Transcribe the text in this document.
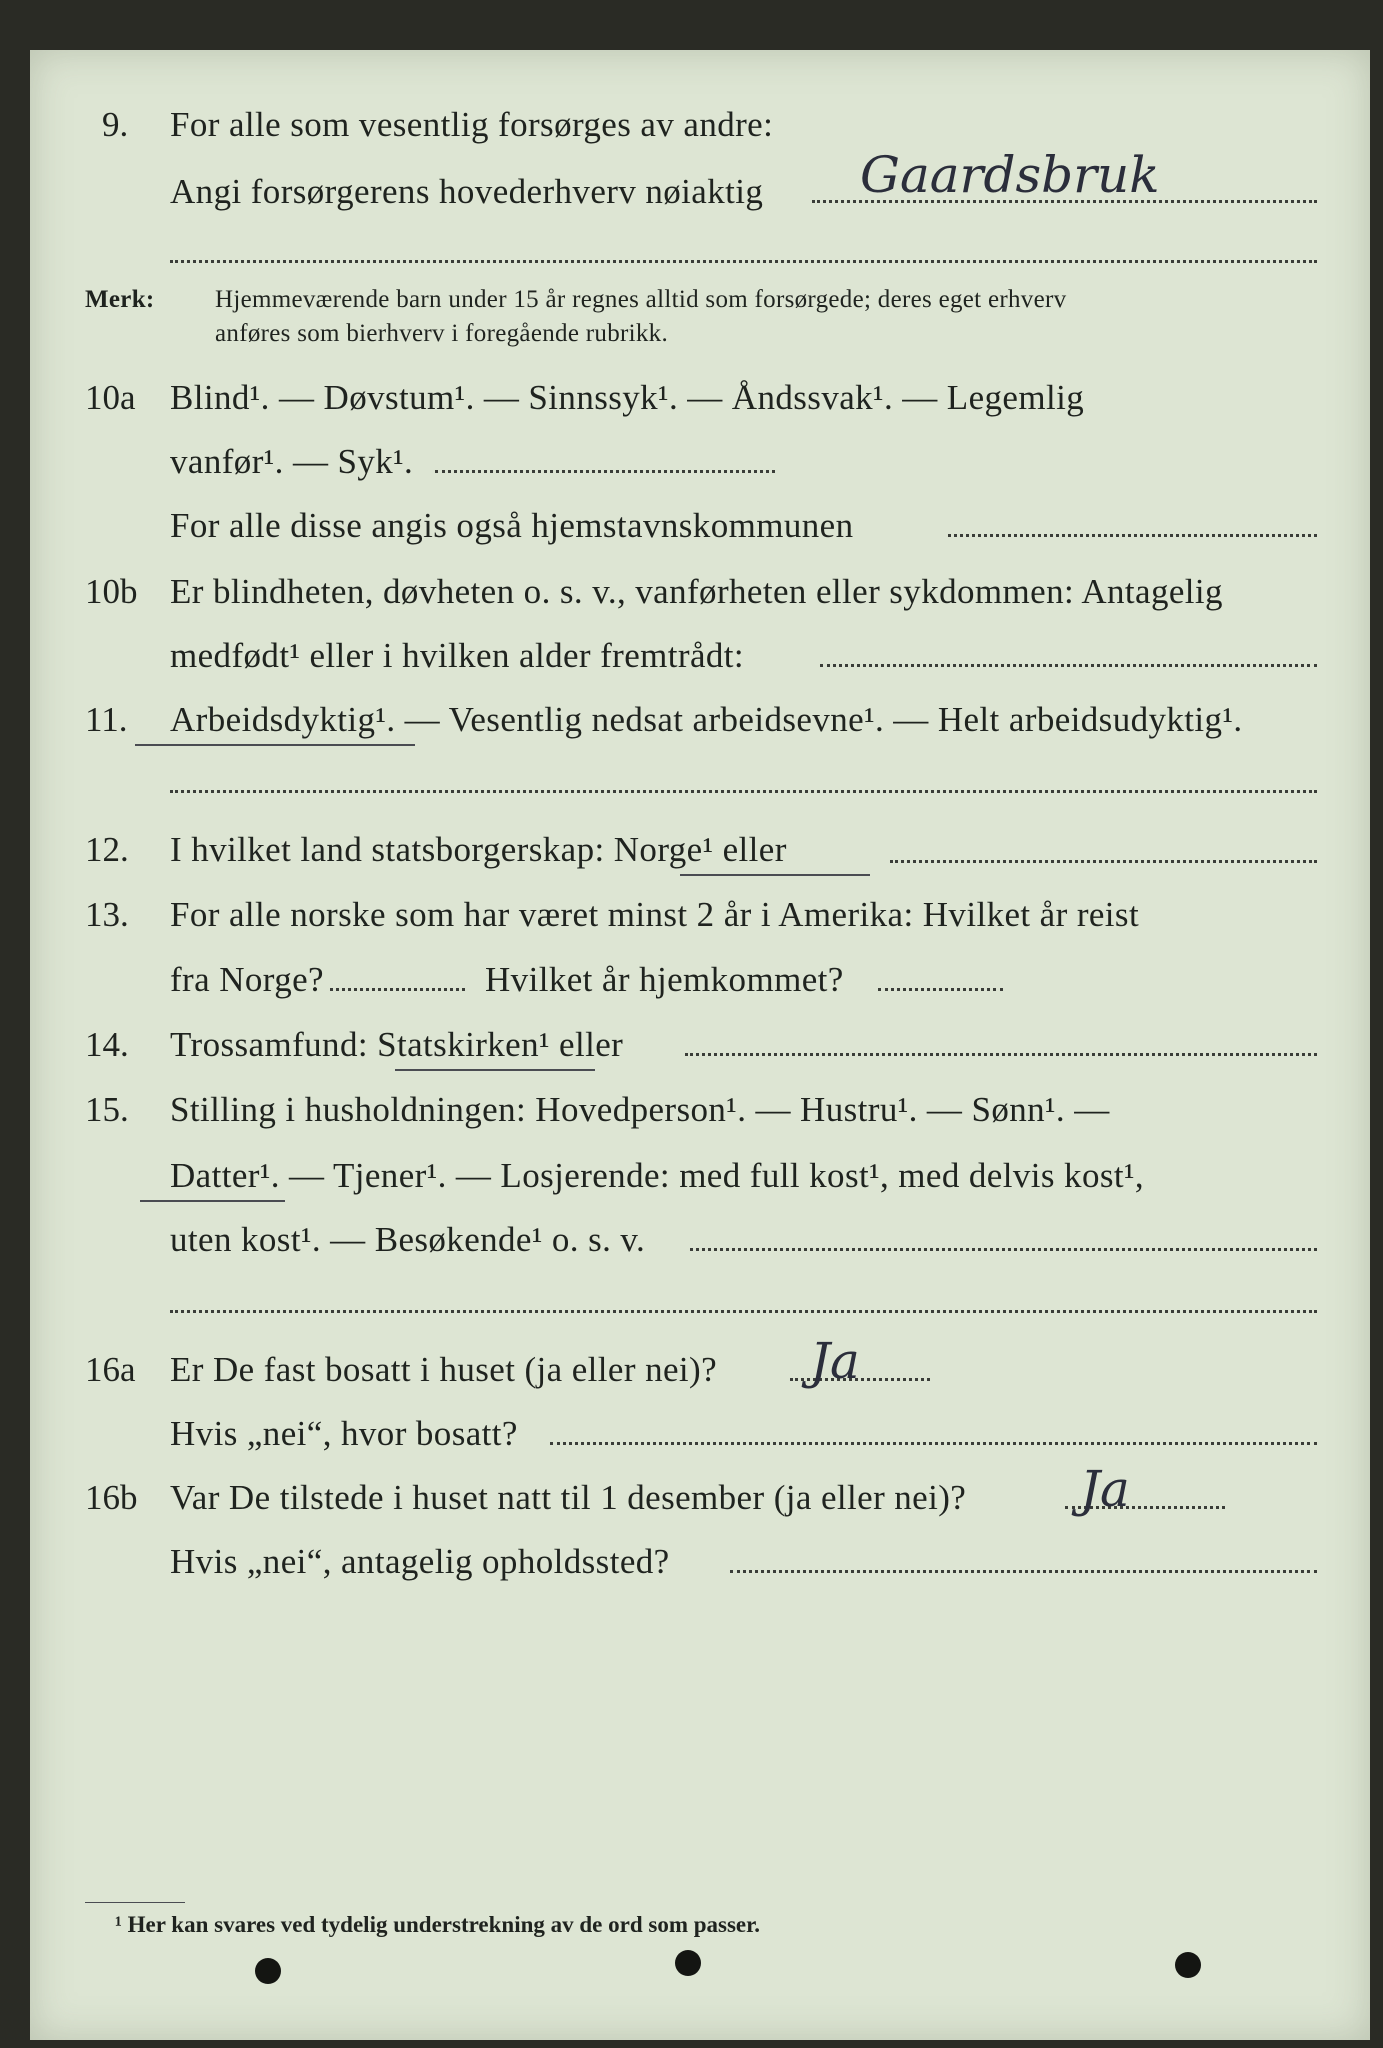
9. For alle som vesentlig forsørges av andre:
Angi forsørgerens hovederhverv nøiaktig Gaardsbruk
Merk: Hjemmeværende barn under 15 år regnes alltid som forsørgede; deres eget erhverv
anføres som bierhverv i foregående rubrikk.
10a Blind¹. — Døvstum¹. — Sinnssyk¹. — Åndssvak¹. — Legemlig
vanfør¹. — Syk¹.
For alle disse angis også hjemstavnskommunen
10b Er blindheten, døvheten o. s. v., vanførheten eller sykdommen: Antagelig
medfødt¹ eller i hvilken alder fremtrådt:
11. Arbeidsdyktig¹. — Vesentlig nedsat arbeidsevne¹. — Helt arbeidsudyktig¹.
12. I hvilket land statsborgerskap: Norge¹ eller
13. For alle norske som har været minst 2 år i Amerika: Hvilket år reist
fra Norge?	Hvilket år hjemkommet?
14. Trossamfund: Statskirken¹ eller
15. Stilling i husholdningen: Hovedperson¹. — Hustru¹. — Sønn¹. —
Datter¹. — Tjener¹. — Losjerende: med full kost¹, med delvis kost¹,
uten kost¹. — Besøkende¹ o. s. v.
16a Er De fast bosatt i huset (ja eller nei)? Ja
Hvis „nei“, hvor bosatt?
16b Var De tilstede i huset natt til 1 desember (ja eller nei)? Ja
Hvis „nei“, antagelig opholdssted?
¹ Her kan svares ved tydelig understrekning av de ord som passer.
